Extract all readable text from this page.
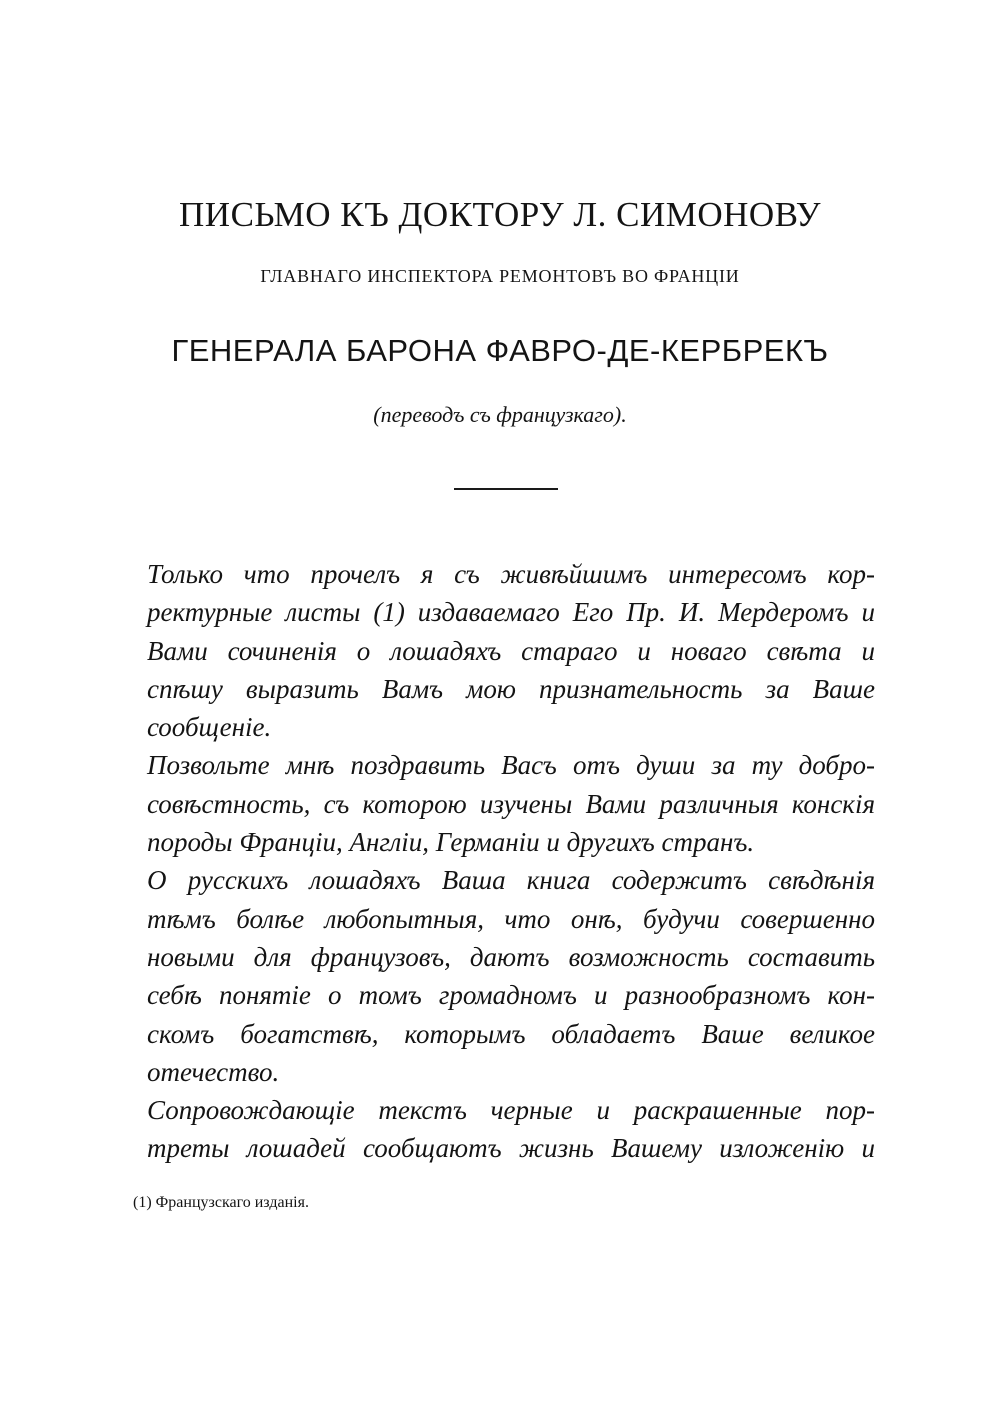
ПИСЬМО КЪ ДОКТОРУ Л. СИМОНОВУ
ГЛАВНАГО ИНСПЕКТОРА РЕМОНТОВЪ ВО ФРАНЦІИ
ГЕНЕРАЛА БАРОНА ФАВРО-ДЕ-КЕРБРЕКЪ
(переводъ съ французкаго).
Только что прочелъ я съ живѣйшимъ интересомъ кор-
ректурные листы (1) издаваемаго Его Пр. И. Мердеромъ и
Вами сочиненія о лошадяхъ стараго и новаго свѣта и
спѣшу выразить Вамъ мою признательность за Ваше
сообщеніе.
Позвольте мнѣ поздравить Васъ отъ души за ту добро-
совѣстность, съ которою изучены Вами различныя конскія
породы Франціи, Англіи, Германіи и другихъ странъ.
О русскихъ лошадяхъ Ваша книга содержитъ свѣдѣнія
тѣмъ болѣе любопытныя, что онѣ, будучи совершенно
новыми для французовъ, даютъ возможность составить
себѣ понятіе о томъ громадномъ и разнообразномъ кон-
скомъ богатствѣ, которымъ обладаетъ Ваше великое
отечество.
Сопровождающіе текстъ черные и раскрашенные пор-
треты лошадей сообщаютъ жизнь Вашему изложенію и
(1) Французскаго изданія.
